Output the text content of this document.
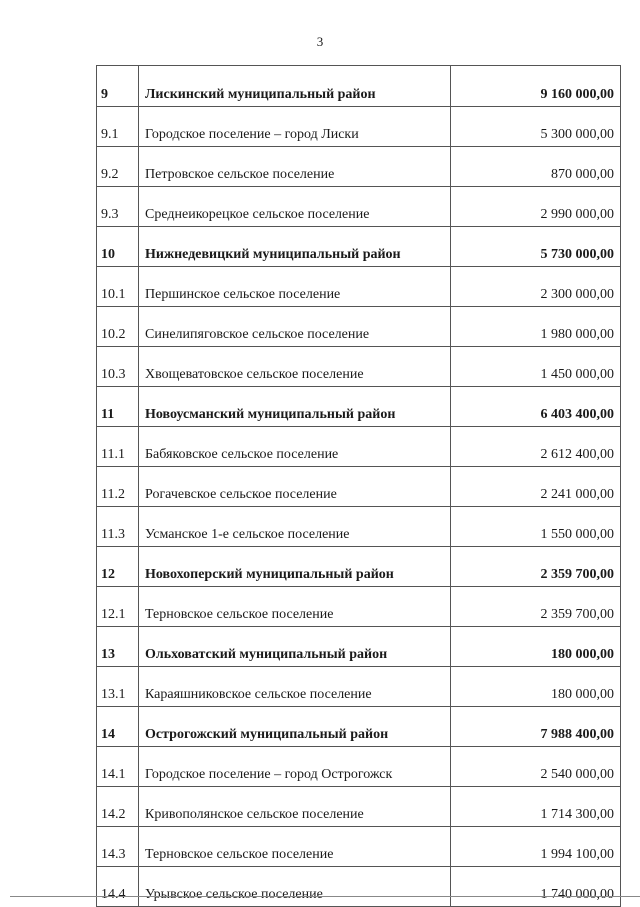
3
9	Лискинский муниципальный район	9 160 000,00
9.1	Городское поселение – город Лиски	5 300 000,00
9.2	Петровское сельское поселение	870 000,00
9.3	Среднеикорецкое сельское поселение	2 990 000,00
10	Нижнедевицкий муниципальный район	5 730 000,00
10.1	Першинское сельское поселение	2 300 000,00
10.2	Синелипяговское сельское поселение	1 980 000,00
10.3	Хвощеватовское сельское поселение	1 450 000,00
11	Новоусманский муниципальный район	6 403 400,00
11.1	Бабяковское сельское поселение	2 612 400,00
11.2	Рогачевское сельское поселение	2 241 000,00
11.3	Усманское 1-е сельское поселение	1 550 000,00
12	Новохоперский муниципальный район	2 359 700,00
12.1	Терновское сельское поселение	2 359 700,00
13	Ольховатский муниципальный район	180 000,00
13.1	Караяшниковское сельское поселение	180 000,00
14	Острогожский муниципальный район	7 988 400,00
14.1	Городское поселение – город Острогожск	2 540 000,00
14.2	Кривополянское сельское поселение	1 714 300,00
14.3	Терновское сельское поселение	1 994 100,00
14.4	Урывское сельское поселение	1 740 000,00
